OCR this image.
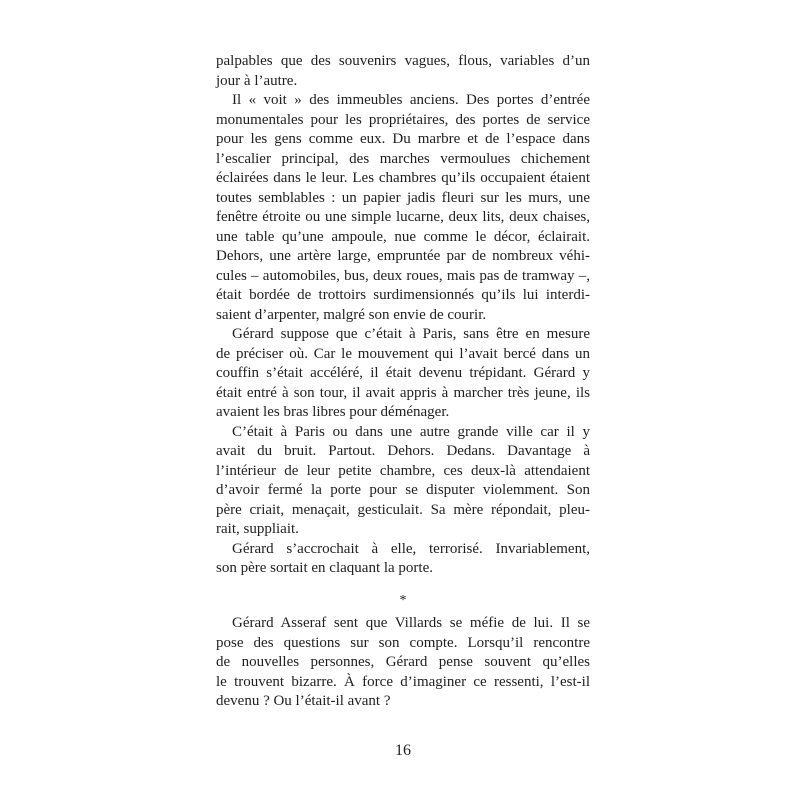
palpables que des souvenirs vagues, flous, variables d’un
jour à l’autre.
Il « voit » des immeubles anciens. Des portes d’entrée
monumentales pour les propriétaires, des portes de service
pour les gens comme eux. Du marbre et de l’espace dans
l’escalier principal, des marches vermoulues chichement
éclairées dans le leur. Les chambres qu’ils occupaient étaient
toutes semblables : un papier jadis fleuri sur les murs, une
fenêtre étroite ou une simple lucarne, deux lits, deux chaises,
une table qu’une ampoule, nue comme le décor, éclairait.
Dehors, une artère large, empruntée par de nombreux véhi-
cules – automobiles, bus, deux roues, mais pas de tramway –,
était bordée de trottoirs surdimensionnés qu’ils lui interdi-
saient d’arpenter, malgré son envie de courir.
Gérard suppose que c’était à Paris, sans être en mesure
de préciser où. Car le mouvement qui l’avait bercé dans un
couffin s’était accéléré, il était devenu trépidant. Gérard y
était entré à son tour, il avait appris à marcher très jeune, ils
avaient les bras libres pour déménager.
C’était à Paris ou dans une autre grande ville car il y
avait du bruit. Partout. Dehors. Dedans. Davantage à
l’intérieur de leur petite chambre, ces deux-là attendaient
d’avoir fermé la porte pour se disputer violemment. Son
père criait, menaçait, gesticulait. Sa mère répondait, pleu-
rait, suppliait.
Gérard s’accrochait à elle, terrorisé. Invariablement,
son père sortait en claquant la porte.
*
Gérard Asseraf sent que Villards se méfie de lui. Il se
pose des questions sur son compte. Lorsqu’il rencontre
de nouvelles personnes, Gérard pense souvent qu’elles
le trouvent bizarre. À force d’imaginer ce ressenti, l’est-il
devenu ? Ou l’était-il avant ?
16
